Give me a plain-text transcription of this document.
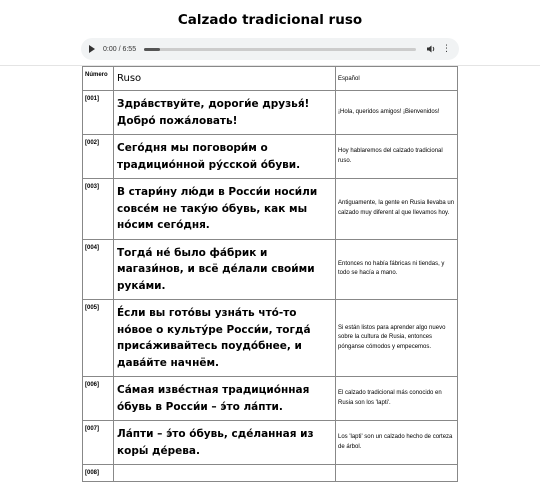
Calzado tradicional ruso
0:00 / 6:55	⋮
Número	Ruso	Español
[001]	Здра́вствуйте, дороги́е друзья́! Добро́ пожа́ловать!	¡Hola, queridos amigos! ¡Bienvenidos!
[002]	Сего́дня мы поговори́м о традицио́нной ру́сской о́буви.	Hoy hablaremos del calzado tradicional ruso.
[003]	В стари́ну лю́ди в Росси́и носи́ли совсе́м не таку́ю о́бувь, как мы но́сим сего́дня.	Antiguamente, la gente en Rusia llevaba un calzado muy diferent al que llevamos hoy.
[004]	Тогда́ не́ было фа́брик и магази́нов, и всё де́лали свои́ми рука́ми.	Entonces no había fábricas ni tiendas, y todo se hacía a mano.
[005]	Е́сли вы гото́вы узна́ть что́-то но́вое о культу́ре Росси́и, тогда́ приса́живайтесь поудо́бнее, и дава́йте начнём.	Si están listos para aprender algo nuevo sobre la cultura de Rusia, entonces pónganse cómodos y empecemos.
[006]	Са́мая изве́стная традицио́нная о́бувь в Росси́и – э́то ла́пти.	El calzado tradicional más conocido en Rusia son los 'lapti'.
[007]	Ла́пти – э́то о́бувь, сде́ланная из коры́ де́рева.	Los 'lapti' son un calzado hecho de corteza de árbol.
[008]		
